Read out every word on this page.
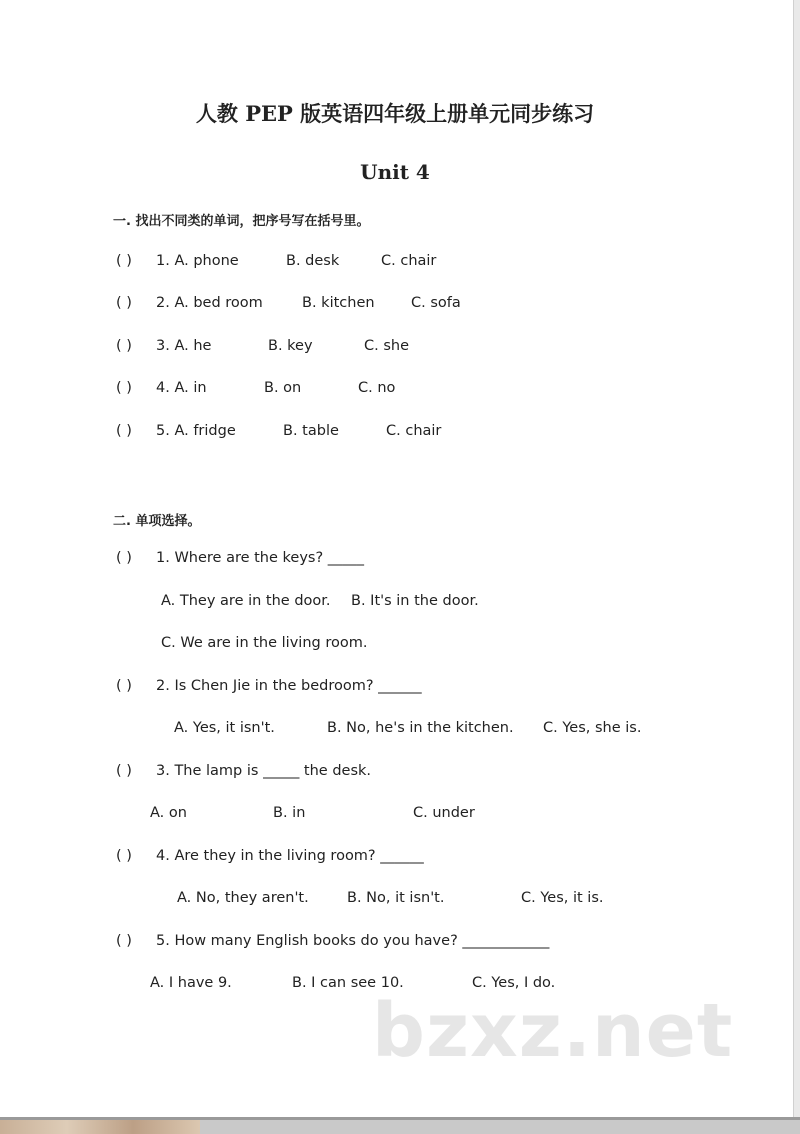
人教 PEP 版英语四年级上册单元同步练习
Unit 4
一. 找出不同类的单词，把序号写在括号里。
( ) 1. A. phone	B. desk	C. chair
( ) 2. A. bed room	B. kitchen	C. sofa
( ) 3. A. he	B. key	C. she
( ) 4. A. in	B. on	C. no
( ) 5. A. fridge	B. table	C. chair
二. 单项选择。
( ) 1. Where are the keys? _____
A. They are in the door. B. It's in the door.
C. We are in the living room.
( ) 2. Is Chen Jie in the bedroom? ______
A. Yes, it isn't.	B. No, he's in the kitchen. C. Yes, she is.
( ) 3. The lamp is _____ the desk.
A. on	B. in	C. under
( ) 4. Are they in the living room? ______
A. No, they aren't.	B. No, it isn't.	C. Yes, it is.
( ) 5. How many English books do you have? ____________
A. I have 9.	B. I can see 10.	C. Yes, I do.
bzxz.net
